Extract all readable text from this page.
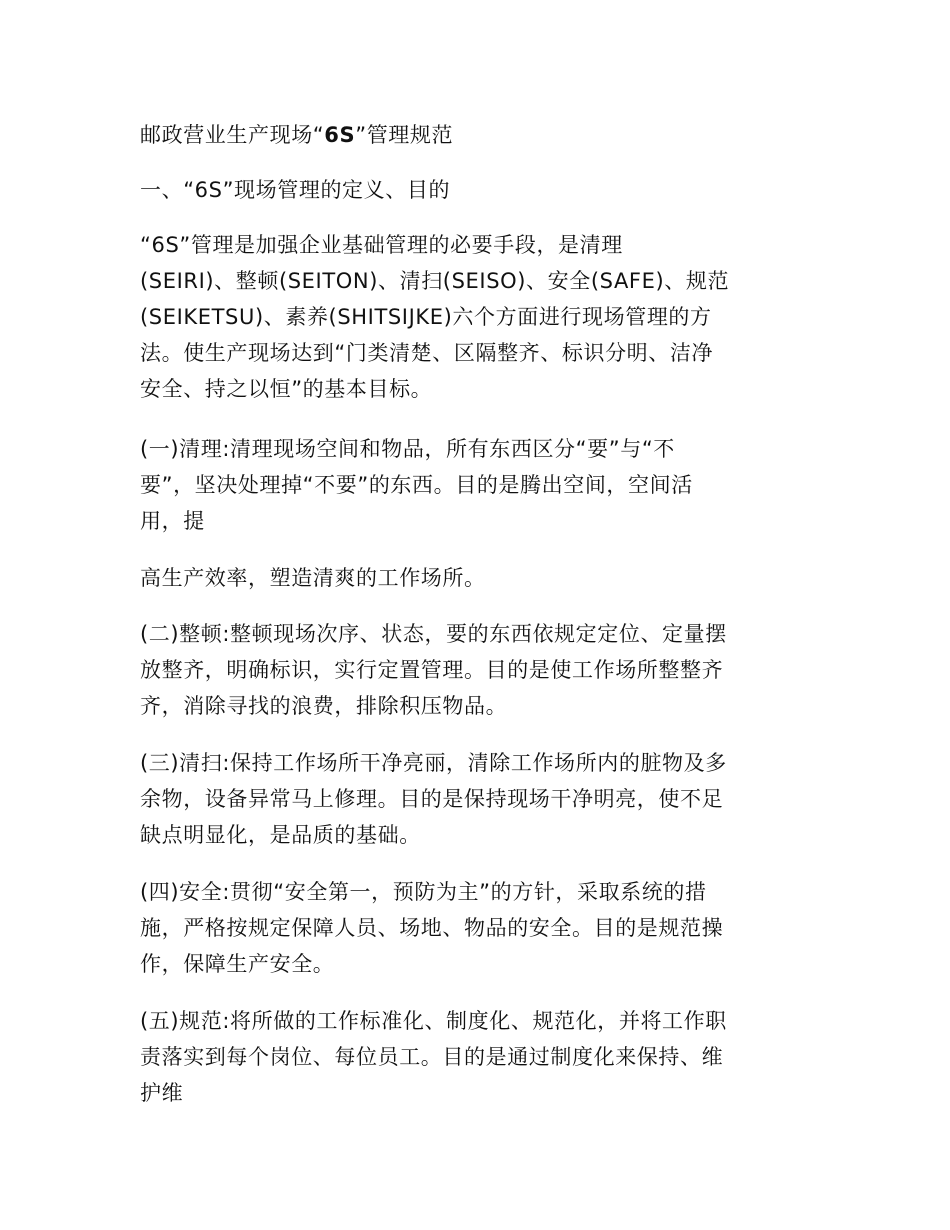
邮政营业生产现场“6S”管理规范
一、“6S”现场管理的定义、目的
“6S”管理是加强企业基础管理的必要手段，是清理
(SEIRI)、整顿(SEITON)、清扫(SEISO)、安全(SAFE)、规范
(SEIKETSU)、素养(SHITSIJKE)六个方面进行现场管理的方
法。使生产现场达到“门类清楚、区隔整齐、标识分明、洁净
安全、持之以恒”的基本目标。
(一)清理:清理现场空间和物品，所有东西区分“要”与“不
要”，坚决处理掉“不要”的东西。目的是腾出空间，空间活
用，提
高生产效率，塑造清爽的工作场所。
(二)整顿:整顿现场次序、状态，要的东西依规定定位、定量摆
放整齐，明确标识，实行定置管理。目的是使工作场所整整齐
齐，消除寻找的浪费，排除积压物品。
(三)清扫:保持工作场所干净亮丽，清除工作场所内的脏物及多
余物，设备异常马上修理。目的是保持现场干净明亮，使不足
缺点明显化，是品质的基础。
(四)安全:贯彻“安全第一，预防为主”的方针，采取系统的措
施，严格按规定保障人员、场地、物品的安全。目的是规范操
作，保障生产安全。
(五)规范:将所做的工作标准化、制度化、规范化，并将工作职
责落实到每个岗位、每位员工。目的是通过制度化来保持、维
护维
